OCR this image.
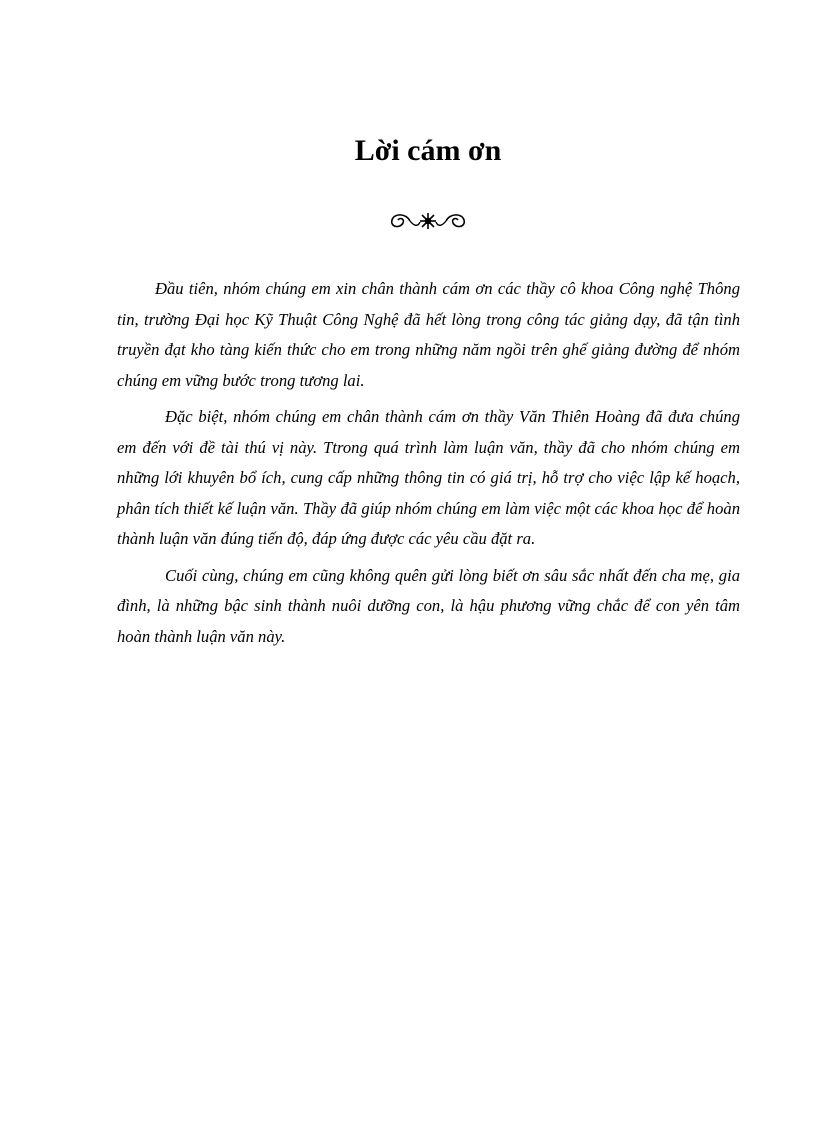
Lời cám ơn

Đầu tiên, nhóm chúng em xin chân thành cám ơn các thầy cô khoa Công nghệ Thông tin, trường Đại học Kỹ Thuật Công Nghệ đã hết lòng trong công tác giảng dạy, đã tận tình truyền đạt kho tàng kiến thức cho em trong những năm ngồi trên ghế giảng đường để nhóm chúng em vững bước trong tương lai.

Đặc biệt, nhóm chúng em chân thành cám ơn thầy Văn Thiên Hoàng đã đưa chúng em đến với đề tài thú vị này. Ttrong quá trình làm luận văn, thầy đã cho nhóm chúng em những lới khuyên bổ ích, cung cấp những thông tin có giá trị, hỗ trợ cho việc lập kế hoạch, phân tích thiết kế luận văn. Thầy đã giúp nhóm chúng em làm việc một các khoa học để hoàn thành luận văn đúng tiến độ, đáp ứng được các yêu cầu đặt ra.

Cuối cùng, chúng em cũng không quên gửi lòng biết ơn sâu sắc nhất đến cha mẹ, gia đình, là những bậc sinh thành nuôi dưỡng con, là hậu phương vững chắc để con yên tâm hoàn thành luận văn này.
